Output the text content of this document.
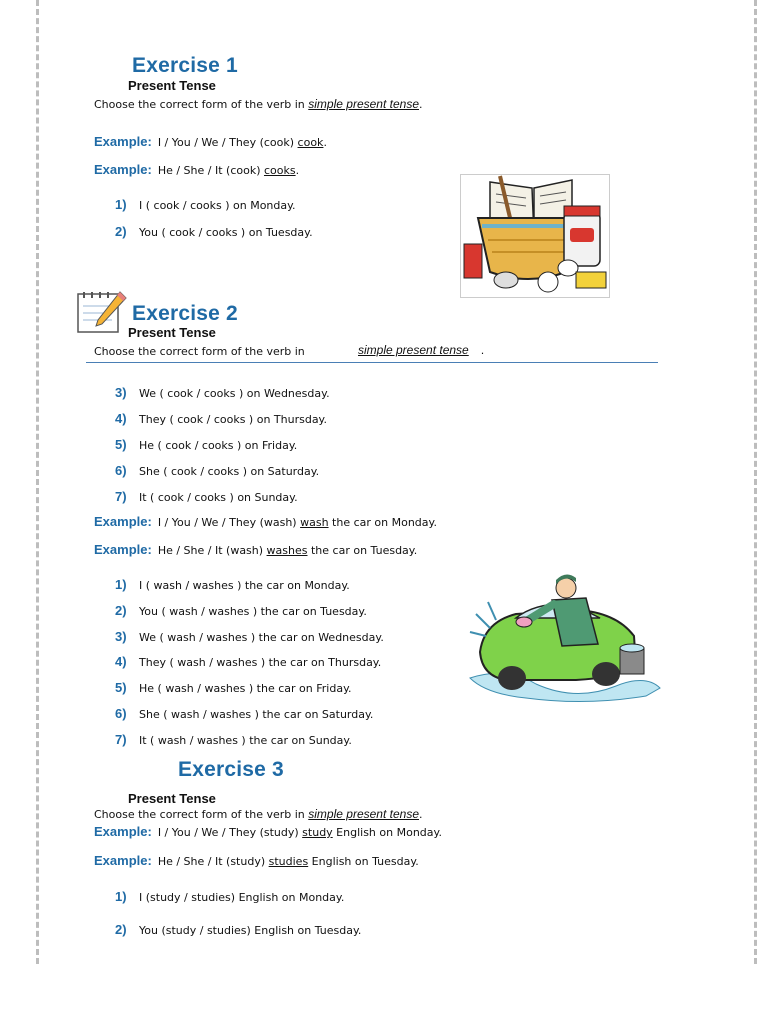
Exercise 1
Present Tense
Choose the correct form of the verb in simple present tense.
Example: I / You / We / They (cook) cook.
Example: He / She / It (cook) cooks.
1) I ( cook / cooks ) on Monday.
2) You ( cook / cooks ) on Tuesday.
Exercise 2
Present Tense
Choose the correct form of the verb in	simple present tense .
3) We ( cook / cooks ) on Wednesday.
4) They ( cook / cooks ) on Thursday.
5) He ( cook / cooks ) on Friday.
6) She ( cook / cooks ) on Saturday.
7) It ( cook / cooks ) on Sunday.
Example: I / You / We / They (wash) wash the car on Monday.
Example: He / She / It (wash) washes the car on Tuesday.
1) I ( wash / washes ) the car on Monday.
2) You ( wash / washes ) the car on Tuesday.
3) We ( wash / washes ) the car on Wednesday.
4) They ( wash / washes ) the car on Thursday.
5) He ( wash / washes ) the car on Friday.
6) She ( wash / washes ) the car on Saturday.
7) It ( wash / washes ) the car on Sunday.
Exercise 3
Present Tense
Choose the correct form of the verb in simple present tense.
Example: I / You / We / They (study) study English on Monday.
Example: He / She / It (study) studies English on Tuesday.
1) I (study / studies) English on Monday.
2) You (study / studies) English on Tuesday.
